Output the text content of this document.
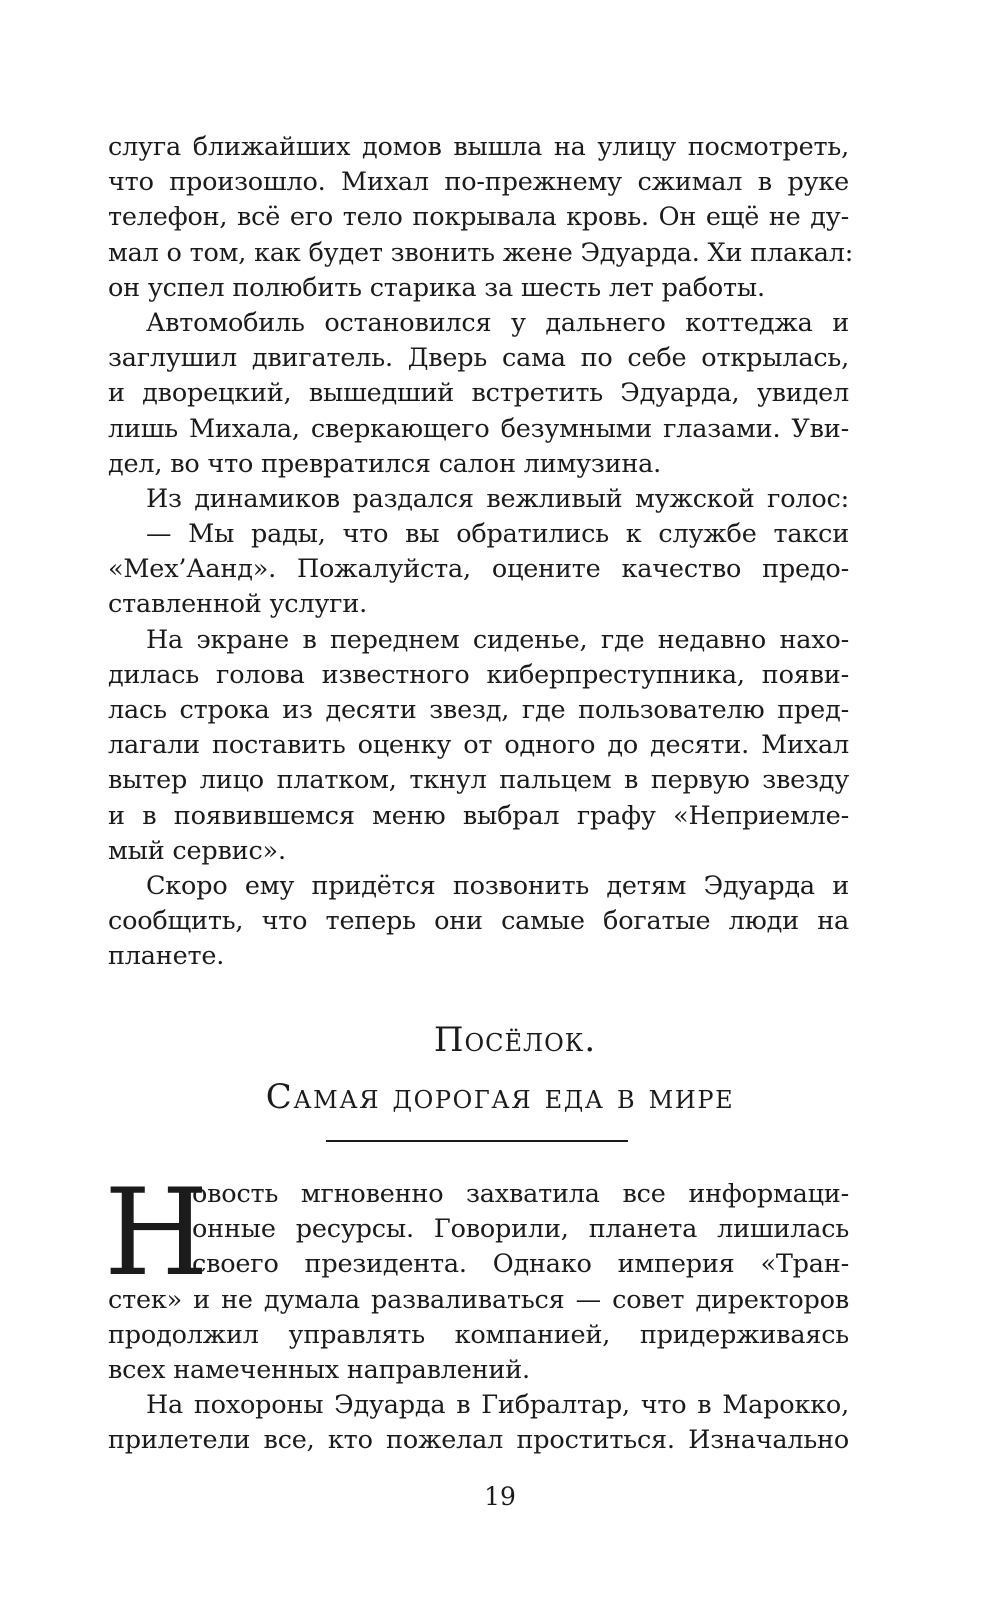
слуга ближайших домов вышла на улицу посмотреть,
что произошло. Михал по-прежнему сжимал в руке
телефон, всё его тело покрывала кровь. Он ещё не ду-
мал о том, как будет звонить жене Эдуарда. Хи плакал:
он успел полюбить старика за шесть лет работы.
Автомобиль остановился у дальнего коттеджа и
заглушил двигатель. Дверь сама по себе открылась,
и дворецкий, вышедший встретить Эдуарда, увидел
лишь Михала, сверкающего безумными глазами. Уви-
дел, во что превратился салон лимузина.
Из динамиков раздался вежливый мужской голос:
— Мы рады, что вы обратились к службе такси
«Мех’Аанд». Пожалуйста, оцените качество предо-
ставленной услуги.
На экране в переднем сиденье, где недавно нахо-
дилась голова известного киберпреступника, появи-
лась строка из десяти звезд, где пользователю пред-
лагали поставить оценку от одного до десяти. Михал
вытер лицо платком, ткнул пальцем в первую звезду
и в появившемся меню выбрал графу «Неприемле-
мый сервис».
Скоро ему придётся позвонить детям Эдуарда и
сообщить, что теперь они самые богатые люди на
планете.
Посёлок.
Самая дорогая еда в мире
Н
овость мгновенно захватила все информаци-
онные ресурсы. Говорили, планета лишилась
своего президента. Однако империя «Тран-
стек» и не думала разваливаться — совет директоров
продолжил управлять компанией, придерживаясь
всех намеченных направлений.
На похороны Эдуарда в Гибралтар, что в Марокко,
прилетели все, кто пожелал проститься. Изначально
19
